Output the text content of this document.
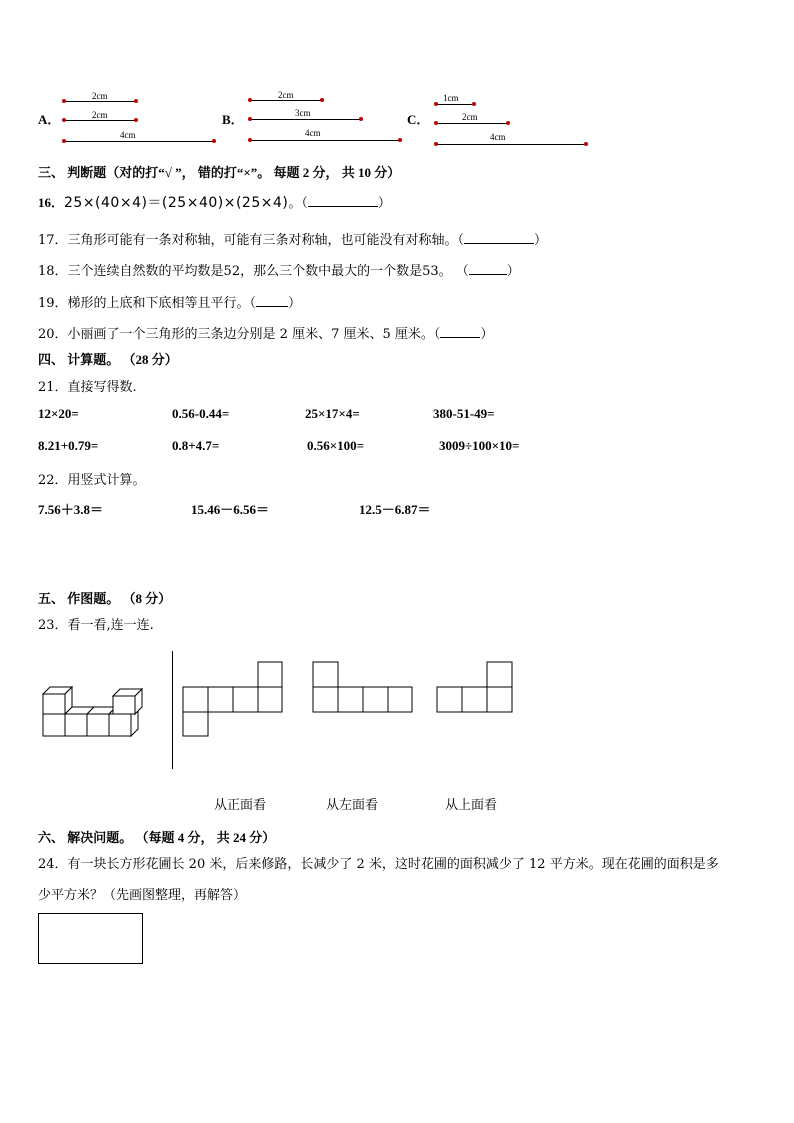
A．
2cm
2cm
4cm
B．
2cm
3cm
4cm
C．
1cm
2cm
4cm
三、 判断题（对的打“√ ”， 错的打“×”。 每题 2 分， 共 10 分）
16．25×(40×4)＝(25×40)×(25×4)。（	）
17．三角形可能有一条对称轴，可能有三条对称轴，也可能没有对称轴。（	）
18．三个连续自然数的平均数是52，那么三个数中最大的一个数是53。 （	）
19．梯形的上底和下底相等且平行。（ ）
20．小丽画了一个三角形的三条边分别是 2 厘米、7 厘米、5 厘米。（	）
四、 计算题。 （28 分）
21．直接写得数.
12×20=	0.56-0.44=	25×17×4=	380-51-49=
8.21+0.79=	0.8+4.7=	0.56×100=	3009÷100×10=
22．用竖式计算。
7.56＋3.8＝	15.46－6.56＝	12.5－6.87＝
五、 作图题。 （8 分）
23．看一看,连一连.
从正面看	从左面看	从上面看
六、 解决问题。 （每题 4 分， 共 24 分）
24．有一块长方形花圃长 20 米，后来修路，长减少了 2 米，这时花圃的面积减少了 12 平方米。现在花圃的面积是多
少平方米？（先画图整理，再解答）
